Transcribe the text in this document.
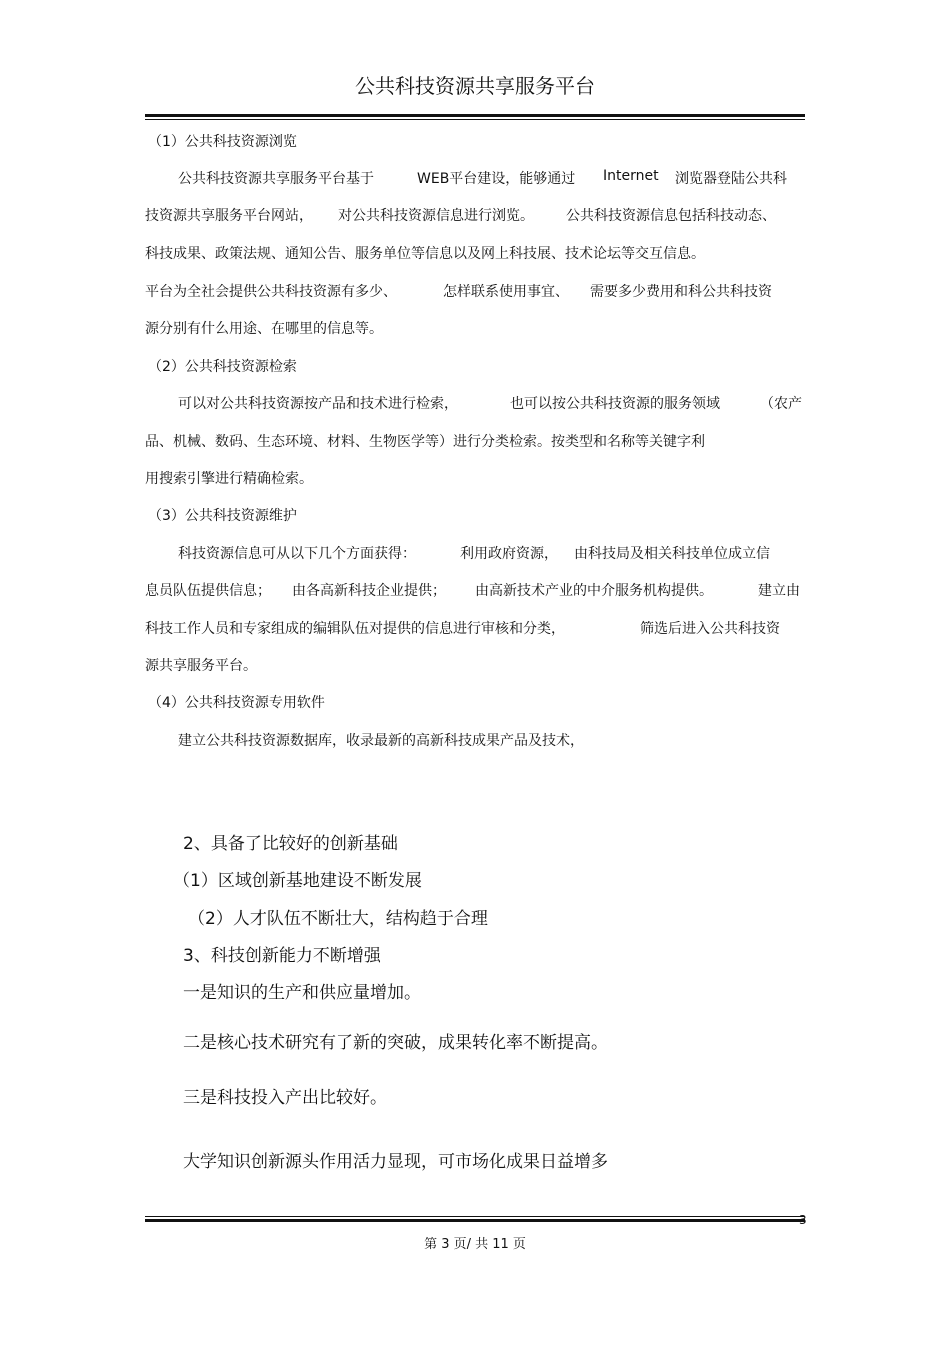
公共科技资源共享服务平台
（1）公共科技资源浏览
公共科技资源共享服务平台基于	WEB平台建设，能够通过 Internet 浏览器登陆公共科
技资源共享服务平台网站， 对公共科技资源信息进行浏览。 公共科技资源信息包括科技动态、
科技成果、政策法规、通知公告、服务单位等信息以及网上科技展、技术论坛等交互信息。
平台为全社会提供公共科技资源有多少、	怎样联系使用事宜、 需要多少费用和科公共科技资
源分别有什么用途、在哪里的信息等。
（2）公共科技资源检索
可以对公共科技资源按产品和技术进行检索，	也可以按公共科技资源的服务领域	（农产
品、机械、数码、生态环境、材料、生物医学等）进行分类检索。按类型和名称等关键字利
用搜索引擎进行精确检索。
（3）公共科技资源维护
科技资源信息可从以下几个方面获得：	利用政府资源， 由科技局及相关科技单位成立信
息员队伍提供信息； 由各高新科技企业提供； 由高新技术产业的中介服务机构提供。	建立由
科技工作人员和专家组成的编辑队伍对提供的信息进行审核和分类，	筛选后进入公共科技资
源共享服务平台。
（4）公共科技资源专用软件
建立公共科技资源数据库，收录最新的高新科技成果产品及技术，
2、具备了比较好的创新基础
（1）区域创新基地建设不断发展
（2）人才队伍不断壮大，结构趋于合理
3、科技创新能力不断增强
一是知识的生产和供应量增加。
二是核心技术研究有了新的突破，成果转化率不断提高。
三是科技投入产出比较好。
大学知识创新源头作用活力显现，可市场化成果日益增多
3
第 3 页/ 共 11 页
